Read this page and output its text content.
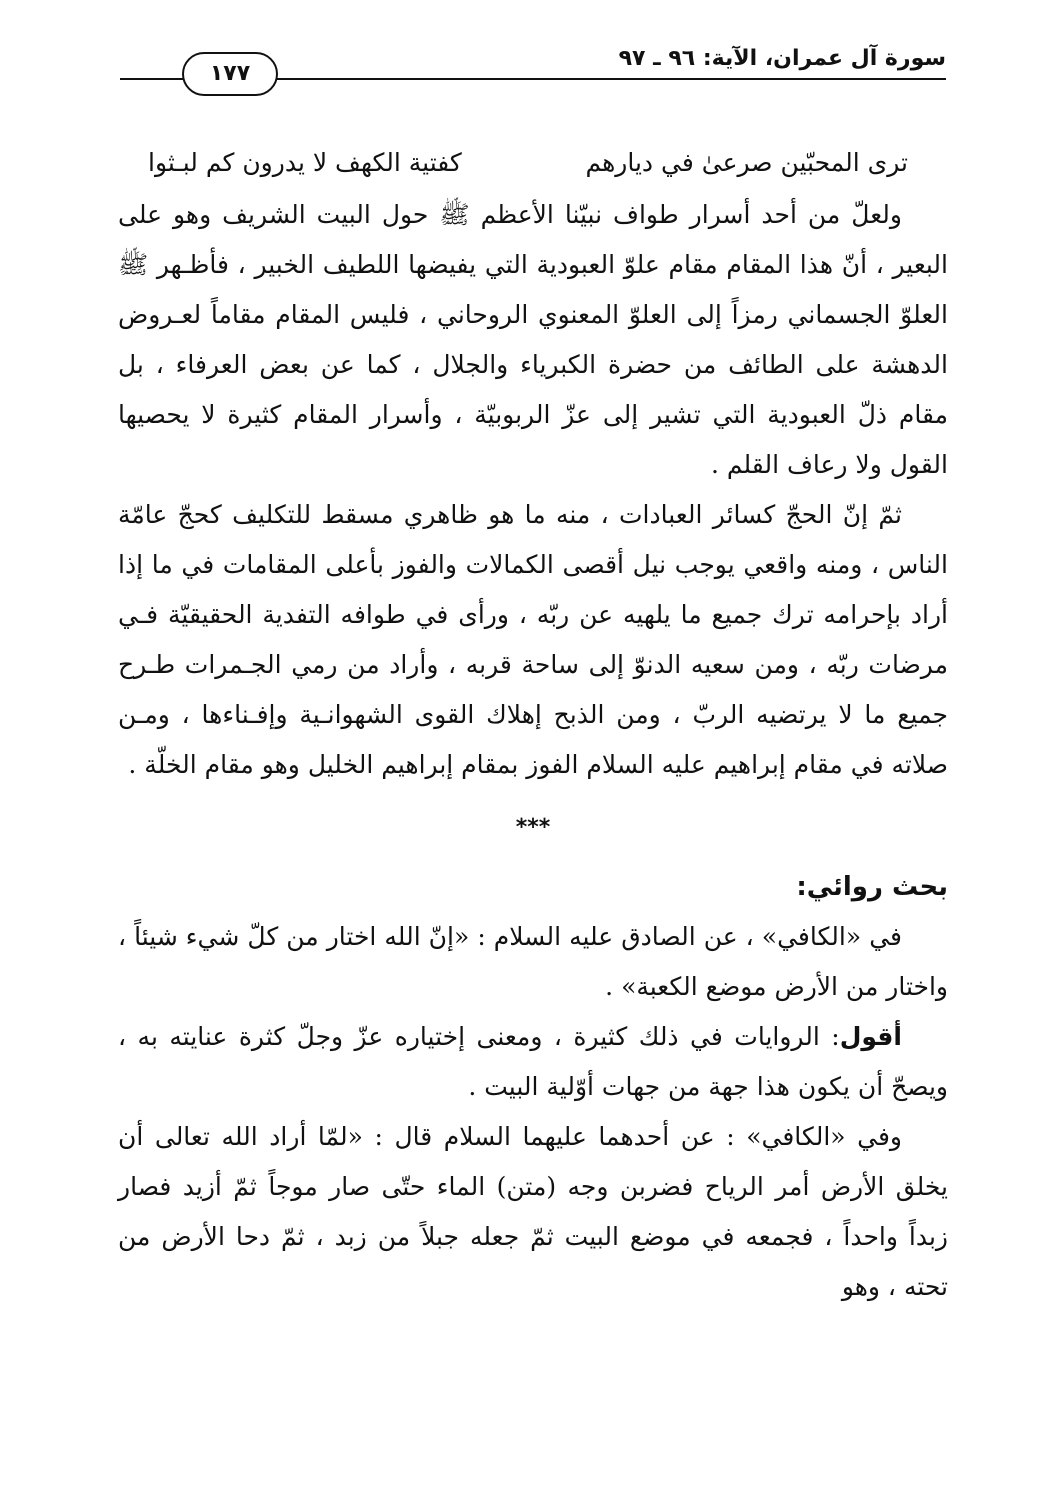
سورة آل عمران، الآية: ٩٦ ـ ٩٧
١٧٧
ترى المحبّين صرعىٰ في ديارهم
كفتية الكهف لا يدرون كم لبـثوا

ولعلّ من أحد أسرار طواف نبيّنا الأعظم ﷺ حول البيت الشريف وهو على البعير ، أنّ هذا المقام مقام علوّ العبودية التي يفيضها اللطيف الخبير ، فأظـهر ﷺ العلوّ الجسماني رمزاً إلى العلوّ المعنوي الروحاني ، فليس المقام مقاماً لعـروض الدهشة على الطائف من حضرة الكبرياء والجلال ، كما عن بعض العرفاء ، بل مقام ذلّ العبودية التي تشير إلى عزّ الربوبيّة ، وأسرار المقام كثيرة لا يحصيها القول ولا رعاف القلم .

ثمّ إنّ الحجّ كسائر العبادات ، منه ما هو ظاهري مسقط للتكليف كحجّ عامّة الناس ، ومنه واقعي يوجب نيل أقصى الكمالات والفوز بأعلى المقامات في ما إذا أراد بإحرامه ترك جميع ما يلهيه عن ربّه ، ورأى في طوافه التفدية الحقيقيّة فـي مرضات ربّه ، ومن سعيه الدنوّ إلى ساحة قربه ، وأراد من رمي الجـمرات طـرح جميع ما لا يرتضيه الربّ ، ومن الذبح إهلاك القوى الشهوانـية وإفـناءها ، ومـن صلاته في مقام إبراهيم عليه السلام الفوز بمقام إبراهيم الخليل وهو مقام الخلّة .

***
بحث روائي:

في «الكافي» ، عن الصادق عليه السلام : «إنّ الله اختار من كلّ شيء شيئاً ، واختار من الأرض موضع الكعبة» .

أقول: الروايات في ذلك كثيرة ، ومعنى إختياره عزّ وجلّ كثرة عنايته به ، ويصحّ أن يكون هذا جهة من جهات أوّلية البيت .

وفي «الكافي» : عن أحدهما عليهما السلام قال : «لمّا أراد الله تعالى أن يخلق الأرض أمر الرياح فضربن وجه (متن) الماء حتّى صار موجاً ثمّ أزيد فصار زبداً واحداً ، فجمعه في موضع البيت ثمّ جعله جبلاً من زبد ، ثمّ دحا الأرض من تحته ، وهو
